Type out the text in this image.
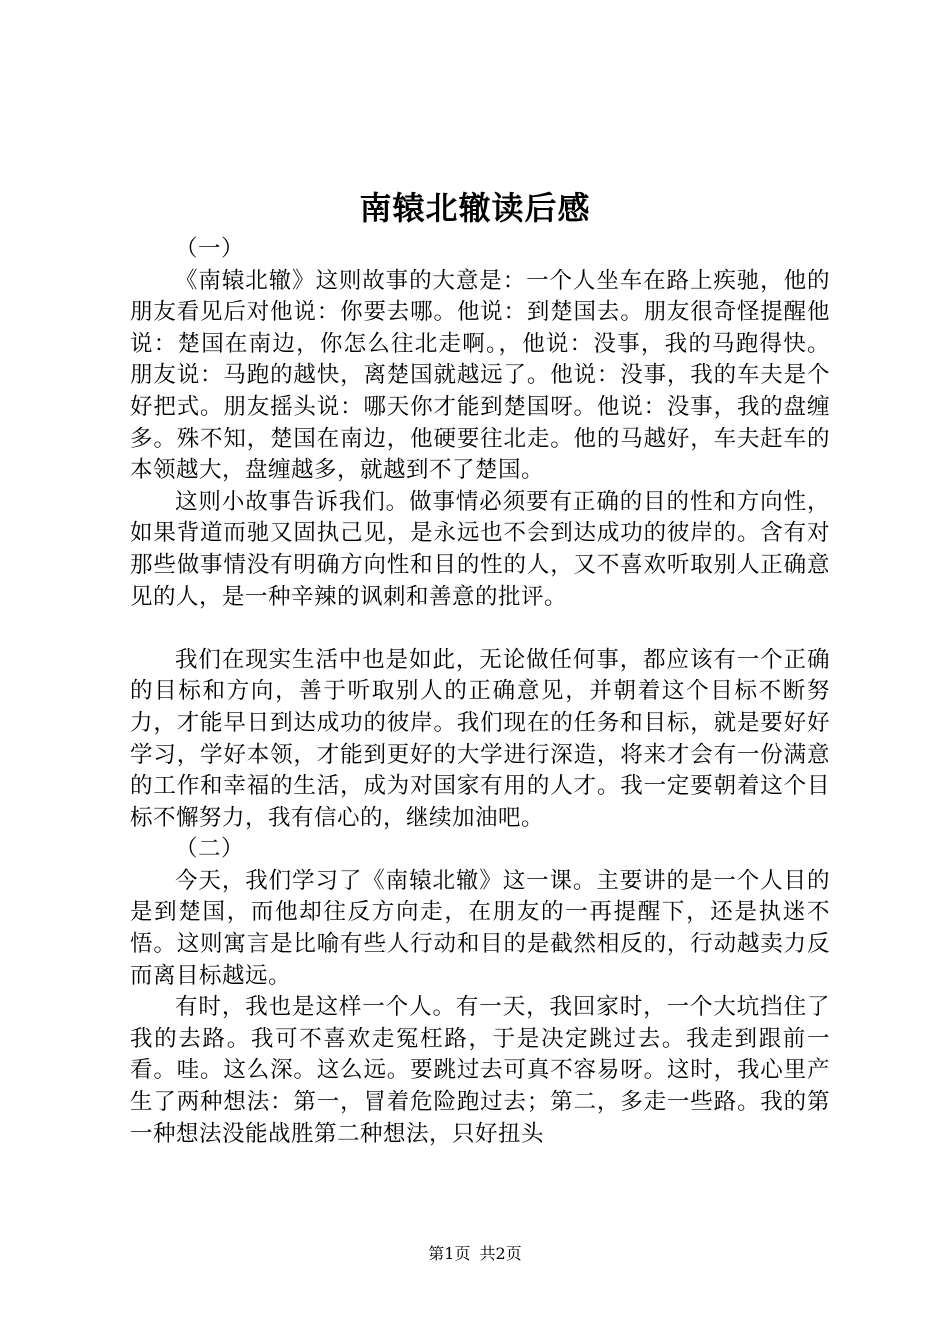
南辕北辙读后感

（一）

《南辕北辙》这则故事的大意是：一个人坐车在路上疾驰，他的朋友看见后对他说：你要去哪。他说：到楚国去。朋友很奇怪提醒他说：楚国在南边，你怎么往北走啊。，他说：没事，我的马跑得快。朋友说：马跑的越快，离楚国就越远了。他说：没事，我的车夫是个好把式。朋友摇头说：哪天你才能到楚国呀。他说：没事，我的盘缠多。殊不知，楚国在南边，他硬要往北走。他的马越好，车夫赶车的本领越大，盘缠越多，就越到不了楚国。

这则小故事告诉我们。做事情必须要有正确的目的性和方向性，如果背道而驰又固执己见，是永远也不会到达成功的彼岸的。含有对那些做事情没有明确方向性和目的性的人，又不喜欢听取别人正确意见的人，是一种辛辣的讽刺和善意的批评。

我们在现实生活中也是如此，无论做任何事，都应该有一个正确的目标和方向，善于听取别人的正确意见，并朝着这个目标不断努力，才能早日到达成功的彼岸。我们现在的任务和目标，就是要好好学习，学好本领，才能到更好的大学进行深造，将来才会有一份满意的工作和幸福的生活，成为对国家有用的人才。我一定要朝着这个目标不懈努力，我有信心的，继续加油吧。

（二）

今天，我们学习了《南辕北辙》这一课。主要讲的是一个人目的是到楚国，而他却往反方向走，在朋友的一再提醒下，还是执迷不悟。这则寓言是比喻有些人行动和目的是截然相反的，行动越卖力反而离目标越远。

有时，我也是这样一个人。有一天，我回家时，一个大坑挡住了我的去路。我可不喜欢走冤枉路，于是决定跳过去。我走到跟前一看。哇。这么深。这么远。要跳过去可真不容易呀。这时，我心里产生了两种想法：第一，冒着危险跑过去；第二，多走一些路。我的第一种想法没能战胜第二种想法，只好扭头

第1页 共2页
